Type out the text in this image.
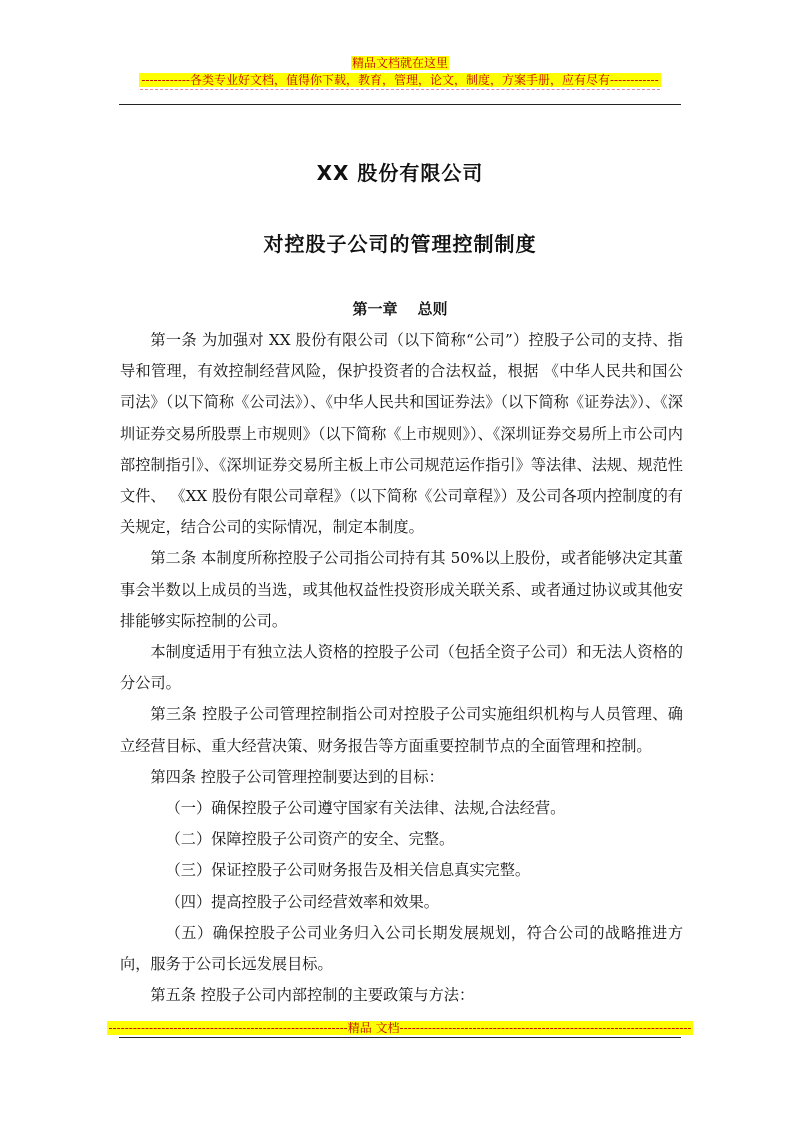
精品文档就在这里
------------各类专业好文档，值得你下载，教育，管理，论文，制度，方案手册，应有尽有------------
XX 股份有限公司
对控股子公司的管理控制制度
第一章 总则

第一条 为加强对 XX 股份有限公司（以下简称“公司”）控股子公司的支持、指导和管理，有效控制经营风险，保护投资者的合法权益，根据 《中华人民共和国公司法》（以下简称《公司法》）、《中华人民共和国证券法》（以下简称《证券法》）、《深圳证券交易所股票上市规则》（以下简称《上市规则》）、《深圳证券交易所上市公司内部控制指引》、《深圳证券交易所主板上市公司规范运作指引》等法律、法规、规范性文件、 《XX 股份有限公司章程》（以下简称《公司章程》）及公司各项内控制度的有关规定，结合公司的实际情况，制定本制度。

第二条 本制度所称控股子公司指公司持有其 50%以上股份，或者能够决定其董事会半数以上成员的当选，或其他权益性投资形成关联关系、或者通过协议或其他安排能够实际控制的公司。

本制度适用于有独立法人资格的控股子公司（包括全资子公司）和无法人资格的分公司。

第三条 控股子公司管理控制指公司对控股子公司实施组织机构与人员管理、确立经营目标、重大经营决策、财务报告等方面重要控制节点的全面管理和控制。

第四条 控股子公司管理控制要达到的目标：

（一）确保控股子公司遵守国家有关法律、法规,合法经营。

（二）保障控股子公司资产的安全、完整。

（三）保证控股子公司财务报告及相关信息真实完整。

（四）提高控股子公司经营效率和效果。

（五）确保控股子公司业务归入公司长期发展规划，符合公司的战略推进方向，服务于公司长远发展目标。

第五条 控股子公司内部控制的主要政策与方法：

-----------------------------------------------------------精品 文档------------------------------------------------------------------------
